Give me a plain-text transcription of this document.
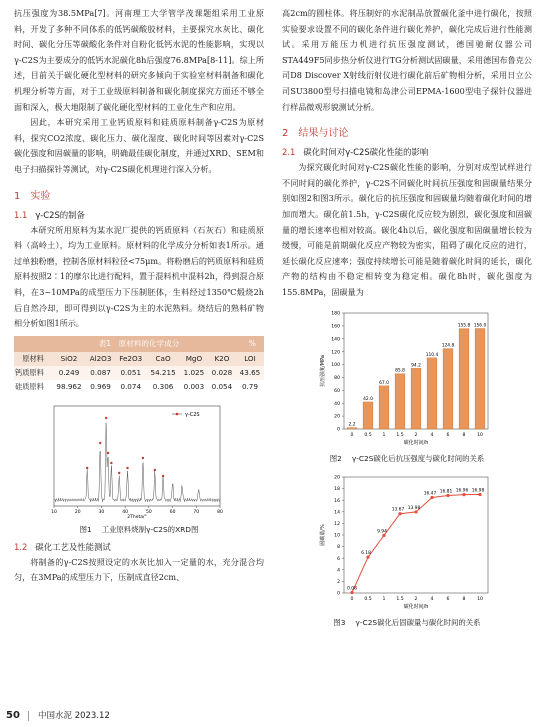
抗压强度为38.5MPa[7]。河南理工大学管学茂课题组采用工业原料，开发了多种不同体系的低钙碳酸胶材料，主要探究水灰比、碳化时间、碳化分压等碳酸化条件对自粉化低钙水泥的性能影响，实现以γ-C2S为主要成分的低钙水泥碳化8h后强度76.8MPa[8-11]。综上所述，目前关于碳化硬化型材料的研究多倾向于实验室材料制备和碳化机理分析等方面，对于工业级原料制备和碳化制度探究方面还不够全面和深入，极大地限制了碳化硬化型材料的工业化生产和应用。

因此，本研究采用工业钙质原料和硅质原料制备γ-C2S为原材料，探究CO2浓度、碳化压力、碳化湿度、碳化时间等因素对γ-C2S碳化强度和固碳量的影响，明确最佳碳化制度，并通过XRD、SEM和电子扫描探针等测试，对γ-C2S碳化机理进行深入分析。

1 实验
1.1 γ-C2S的制备

本研究所用原料为某水泥厂提供的钙质原料（石灰石）和硅质原料（高岭土），均为工业原料。原材料的化学成分分析如表1所示。通过单独粉磨，控制各原材料粒径<75μm。将粉磨后的钙质原料和硅质原料按照2∶1的摩尔比进行配料，置于混料机中混料2h，得到混合原料，在3~10MPa的成型压力下压制胚体，生料经过1350℃煅烧2h后自然冷却，即可得到以γ-C2S为主的水泥熟料。烧结后的熟料矿物相分析如图1所示。

表1　原材料的化学成分	%
原材料	SiO2	Al2O3	Fe2O3	CaO	MgO	K2O	LOI
钙质原料	0.249	0.087	0.051	54.215	1.025	0.028	43.65
硅质原料	98.962	0.969	0.074	0.306	0.003	0.054	0.79
γ-C2S
10	20	30	40	50	60	70	80
2Theta/°
图1 工业原料烧制γ-C2S的XRD图
1.2 碳化工艺及性能测试

将制备的γ-C2S按照设定的水灰比加入一定量的水，充分混合均匀，在3MPa的成型压力下，压制成直径2cm、

高2cm的圆柱体。将压制好的水泥制品放置碳化釜中进行碳化，按照实验要求设置不同的碳化条件进行碳化养护，碳化完成后进行性能测试。采用万能压力机进行抗压强度测试，德国驰耐仪器公司STA449F5同步热分析仪进行TG分析测试固碳量，采用德国布鲁克公司D8 Discover X射线衍射仪进行碳化前后矿物相分析，采用日立公司SU3800型号扫描电镜和岛津公司EPMA-1600型电子探针仪器进行样品微观形貌测试分析。

2 结果与讨论
2.1 碳化时间对γ-C2S碳化性能的影响

为探究碳化时间对γ-C2S碳化性能的影响，分别对成型试样进行不同时间的碳化养护，γ-C2S不同碳化时间抗压强度和固碳量结果分别如图2和图3所示。碳化后的抗压强度和固碳量均随着碳化时间的增加而增大。碳化前1.5h，γ-C2S碳化反应较为剧烈，碳化强度和固碳量的增长速率也相对较高。碳化4h以后，碳化强度和固碳量增长较为缓慢，可能是前期碳化反应产物较为密实，阻碍了碳化反应的进行，延长碳化反应速率；强度持续增长可能是随着碳化时间的延长，碳化产物的结构由不稳定相转变为稳定相。碳化8h时，碳化强度为155.8MPa，固碳量为

0
20
40
60
80
100
120
140
160
180
2.2
0
42.0
0.5
67.0
1
85.8
1.5
94.2
2
110.4
4
124.8
6
155.8
8
156.0
10
碳化时间/h
抗压强度/MPa
图2 γ-C2S碳化后抗压强度与碳化时间的关系
0
2
4
6
8
10
12
14
16
18
20
0.08
0
6.18
0.5
9.94
1
13.67
1.5
13.98
2
16.47
4
16.81
6
16.96
8
16.98
10
碳化时间/h
固碳量/%
图3 γ-C2S碳化后固碳量与碳化时间的关系
50 中国水泥 2023.12
